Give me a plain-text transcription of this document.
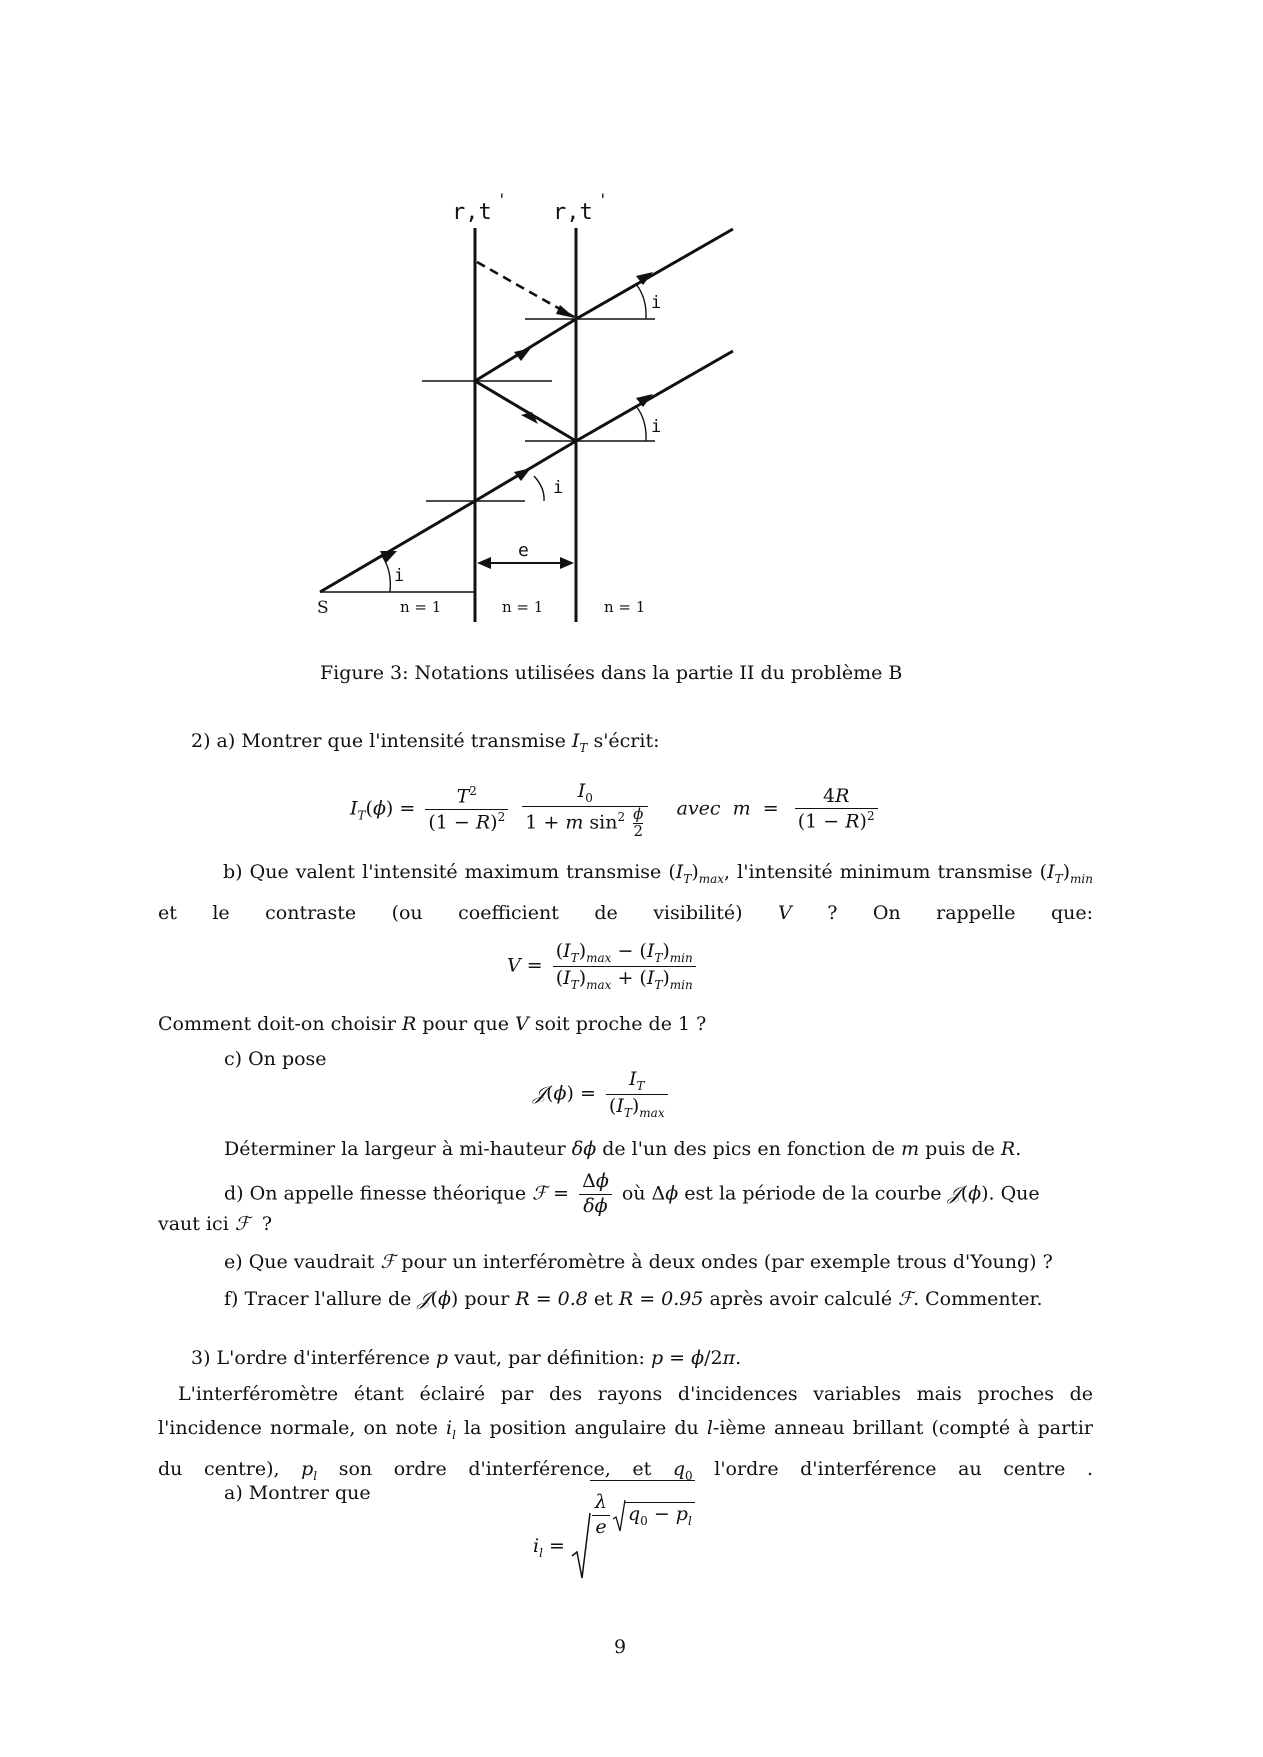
r,t
'
r,t
'
i
i
i
i
e
S	n = 1	n = 1	n = 1
Figure 3: Notations utilisées dans la partie II du problème B
2) a) Montrer que l'intensité transmise $I_T$ s'écrit:
$I_T(\phi) = \frac{T^2}{(1 - R)^2}$
$\frac{I_0}{1 + m \sin^2 \frac{\phi}{2}}$ avec $m = \frac{4R}{(1 - R)^2}$
b) Que valent l'intensité maximum transmise $(I_T)_{max}$, l'intensité minimum transmise $(I_T)_{min}$ et le contraste (ou coefficient de visibilité) V ? On rappelle que:
$V = \frac{(I_T)_{max} - (I_T)_{min}}{(I_T)_{max} + (I_T)_{min}}$
Comment doit-on choisir R pour que V soit proche de 1 ?
c) On pose
𝒥(ϕ) = $\frac{I_T}{(I_T)_{max}}$
Déterminer la largeur à mi-hauteur δϕ de l'un des pics en fonction de m puis de R.
d) On appelle finesse théorique ℱ = $\frac{\Delta\phi}{\delta\phi}$ où Δϕ est la période de la courbe 𝒥(ϕ). Que
vaut ici ℱ ?
e) Que vaudrait ℱ pour un interféromètre à deux ondes (par exemple trous d'Young) ?
f) Tracer l'allure de 𝒥(ϕ) pour R = 0.8 et R = 0.95 après avoir calculé ℱ. Commenter.
3) L'ordre d'interférence p vaut, par définition: p = ϕ/2π.
L'interféromètre étant éclairé par des rayons d'incidences variables mais proches de l'incidence normale, on note $i_l$ la position angulaire du l-ième anneau brillant (compté à partir du centre), $p_l$ son ordre d'interférence, et $q_0$ l'ordre d'interférence au centre .
a) Montrer que
$i_l$ =
$\frac{\lambda}{e} q_0 - p_l$
9
